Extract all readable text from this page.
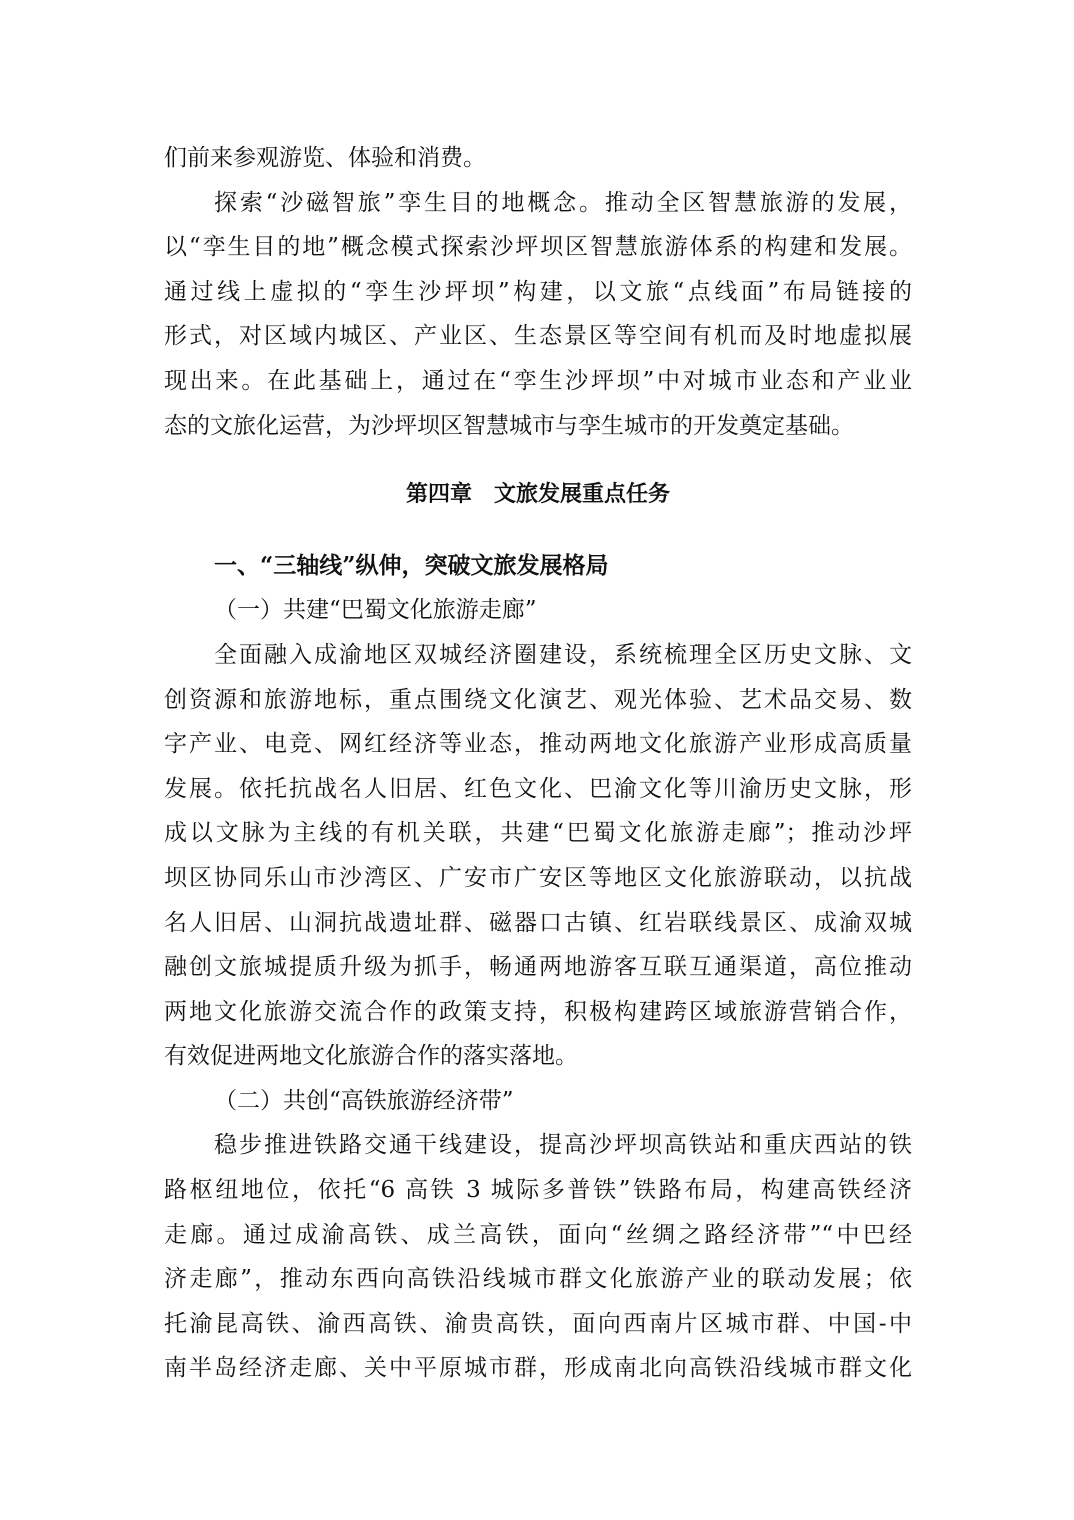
们前来参观游览、体验和消费。

探索“沙磁智旅”孪生目的地概念。推动全区智慧旅游的发展，

以“孪生目的地”概念模式探索沙坪坝区智慧旅游体系的构建和发展。

通过线上虚拟的“孪生沙坪坝”构建，以文旅“点线面”布局链接的

形式，对区域内城区、产业区、生态景区等空间有机而及时地虚拟展

现出来。在此基础上，通过在“孪生沙坪坝”中对城市业态和产业业

态的文旅化运营，为沙坪坝区智慧城市与孪生城市的开发奠定基础。

第四章　文旅发展重点任务

一、“三轴线”纵伸，突破文旅发展格局

（一）共建“巴蜀文化旅游走廊”

全面融入成渝地区双城经济圈建设，系统梳理全区历史文脉、文

创资源和旅游地标，重点围绕文化演艺、观光体验、艺术品交易、数

字产业、电竞、网红经济等业态，推动两地文化旅游产业形成高质量

发展。依托抗战名人旧居、红色文化、巴渝文化等川渝历史文脉，形

成以文脉为主线的有机关联，共建“巴蜀文化旅游走廊”；推动沙坪

坝区协同乐山市沙湾区、广安市广安区等地区文化旅游联动，以抗战

名人旧居、山洞抗战遗址群、磁器口古镇、红岩联线景区、成渝双城

融创文旅城提质升级为抓手，畅通两地游客互联互通渠道，高位推动

两地文化旅游交流合作的政策支持，积极构建跨区域旅游营销合作，

有效促进两地文化旅游合作的落实落地。

（二）共创“高铁旅游经济带”

稳步推进铁路交通干线建设，提高沙坪坝高铁站和重庆西站的铁

路枢纽地位，依托“6 高铁 3 城际多普铁”铁路布局，构建高铁经济

走廊。通过成渝高铁、成兰高铁，面向“丝绸之路经济带”“中巴经

济走廊”，推动东西向高铁沿线城市群文化旅游产业的联动发展；依

托渝昆高铁、渝西高铁、渝贵高铁，面向西南片区城市群、中国-中

南半岛经济走廊、关中平原城市群，形成南北向高铁沿线城市群文化
